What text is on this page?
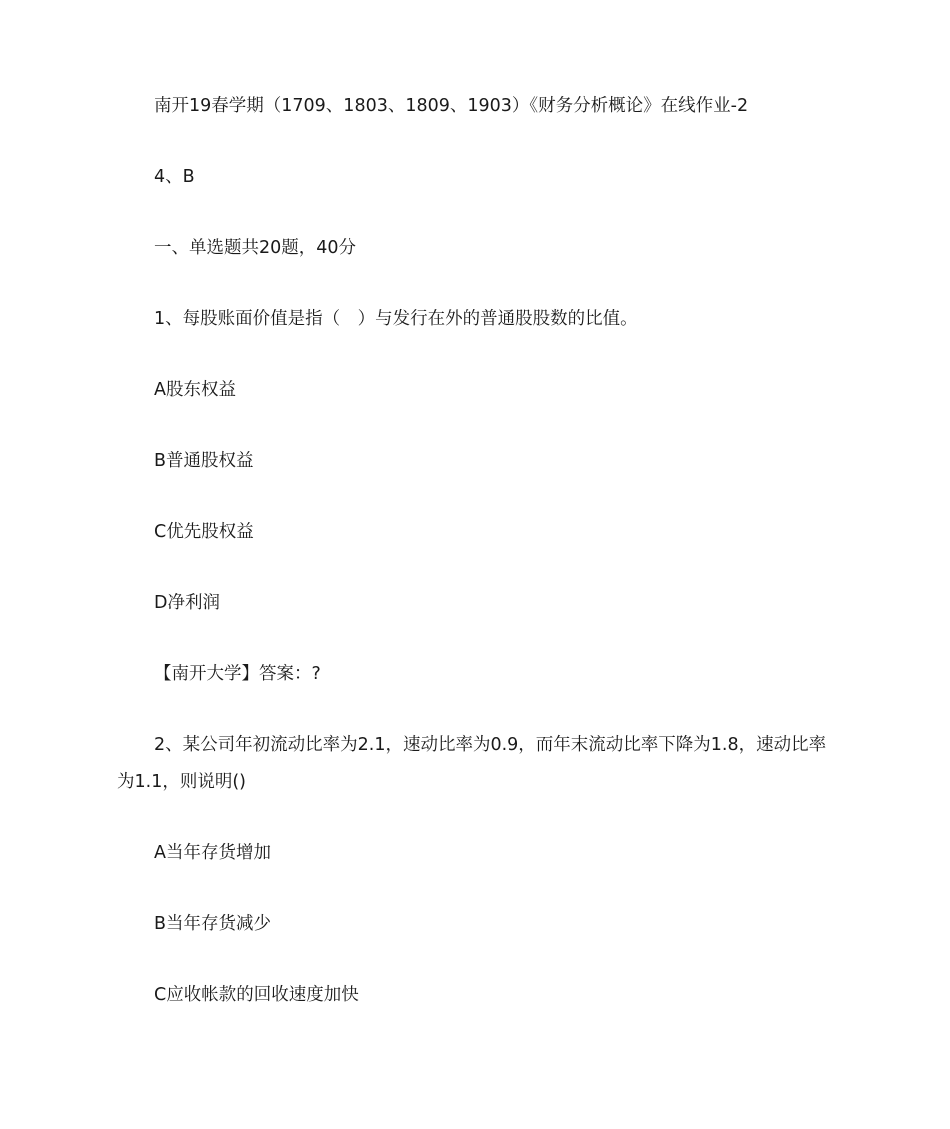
南开19春学期（1709、1803、1809、1903）《财务分析概论》在线作业-2

4、B

一、单选题共20题，40分

1、每股账面价值是指（　）与发行在外的普通股股数的比值。

A股东权益

B普通股权益

C优先股权益

D净利润

【南开大学】答案：?

2、某公司年初流动比率为2.1，速动比率为0.9，而年末流动比率下降为1.8，速动比率为1.1，则说明()

A当年存货增加

B当年存货减少

C应收帐款的回收速度加快
